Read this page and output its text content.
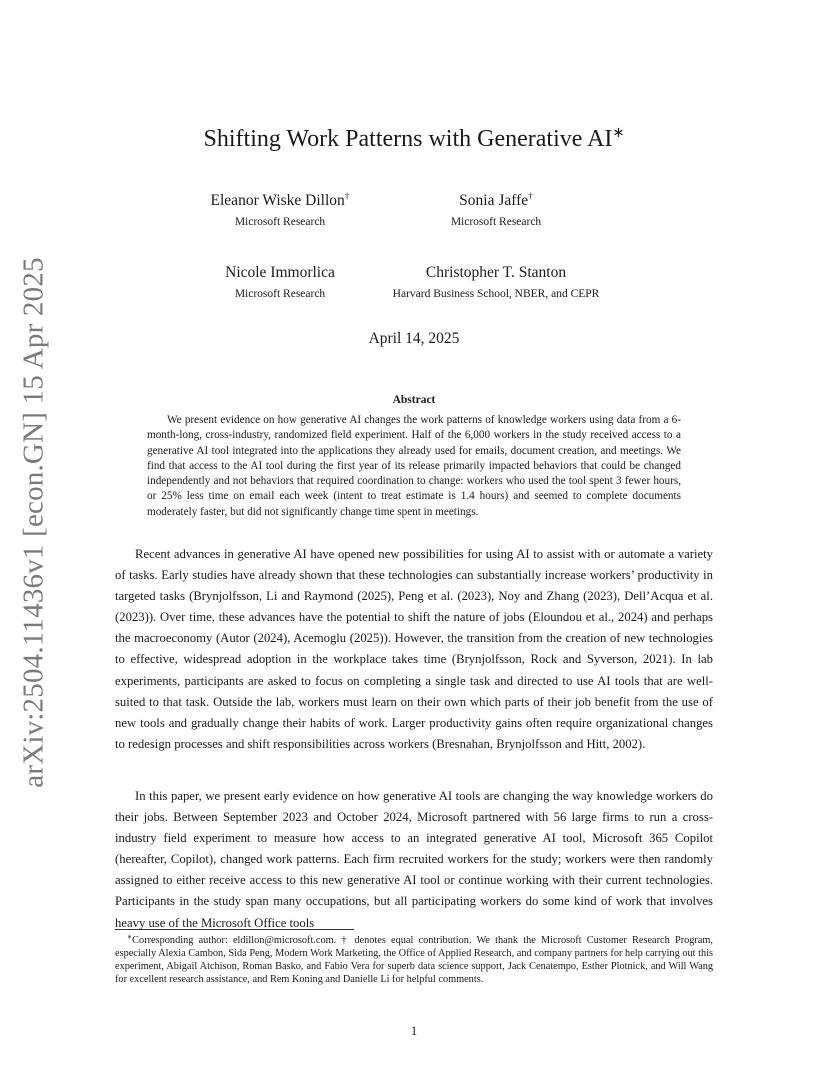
arXiv:2504.11436v1 [econ.GN] 15 Apr 2025
Shifting Work Patterns with Generative AI∗
Eleanor Wiske Dillon†
Microsoft Research
Sonia Jaffe†
Microsoft Research
Nicole Immorlica
Microsoft Research
Christopher T. Stanton
Harvard Business School, NBER, and CEPR
April 14, 2025
Abstract

We present evidence on how generative AI changes the work patterns of knowledge workers using data from a 6-month-long, cross-industry, randomized field experiment. Half of the 6,000 workers in the study received access to a generative AI tool integrated into the applications they already used for emails, document creation, and meetings. We find that access to the AI tool during the first year of its release primarily impacted behaviors that could be changed independently and not behaviors that required coordination to change: workers who used the tool spent 3 fewer hours, or 25% less time on email each week (intent to treat estimate is 1.4 hours) and seemed to complete documents moderately faster, but did not significantly change time spent in meetings.

Recent advances in generative AI have opened new possibilities for using AI to assist with or automate a variety of tasks. Early studies have already shown that these technologies can substantially increase workers’ productivity in targeted tasks (Brynjolfsson, Li and Raymond (2025), Peng et al. (2023), Noy and Zhang (2023), Dell’Acqua et al. (2023)). Over time, these advances have the potential to shift the nature of jobs (Eloundou et al., 2024) and perhaps the macroeconomy (Autor (2024), Acemoglu (2025)). However, the transition from the creation of new technologies to effective, widespread adoption in the workplace takes time (Brynjolfsson, Rock and Syverson, 2021). In lab experiments, participants are asked to focus on completing a single task and directed to use AI tools that are well-suited to that task. Outside the lab, workers must learn on their own which parts of their job benefit from the use of new tools and gradually change their habits of work. Larger productivity gains often require organizational changes to redesign processes and shift responsibilities across workers (Bresnahan, Brynjolfsson and Hitt, 2002).

In this paper, we present early evidence on how generative AI tools are changing the way knowledge workers do their jobs. Between September 2023 and October 2024, Microsoft partnered with 56 large firms to run a cross-industry field experiment to measure how access to an integrated generative AI tool, Microsoft 365 Copilot (hereafter, Copilot), changed work patterns. Each firm recruited workers for the study; workers were then randomly assigned to either receive access to this new generative AI tool or continue working with their current technologies. Participants in the study span many occupations, but all participating workers do some kind of work that involves heavy use of the Microsoft Office tools

∗Corresponding author: eldillon@microsoft.com. † denotes equal contribution. We thank the Microsoft Customer Research Program, especially Alexia Cambon, Sida Peng, Modern Work Marketing, the Office of Applied Research, and company partners for help carrying out this experiment, Abigail Atchison, Roman Basko, and Fabio Vera for superb data science support, Jack Cenatempo, Esther Plotnick, and Will Wang for excellent research assistance, and Rem Koning and Danielle Li for helpful comments.

1
